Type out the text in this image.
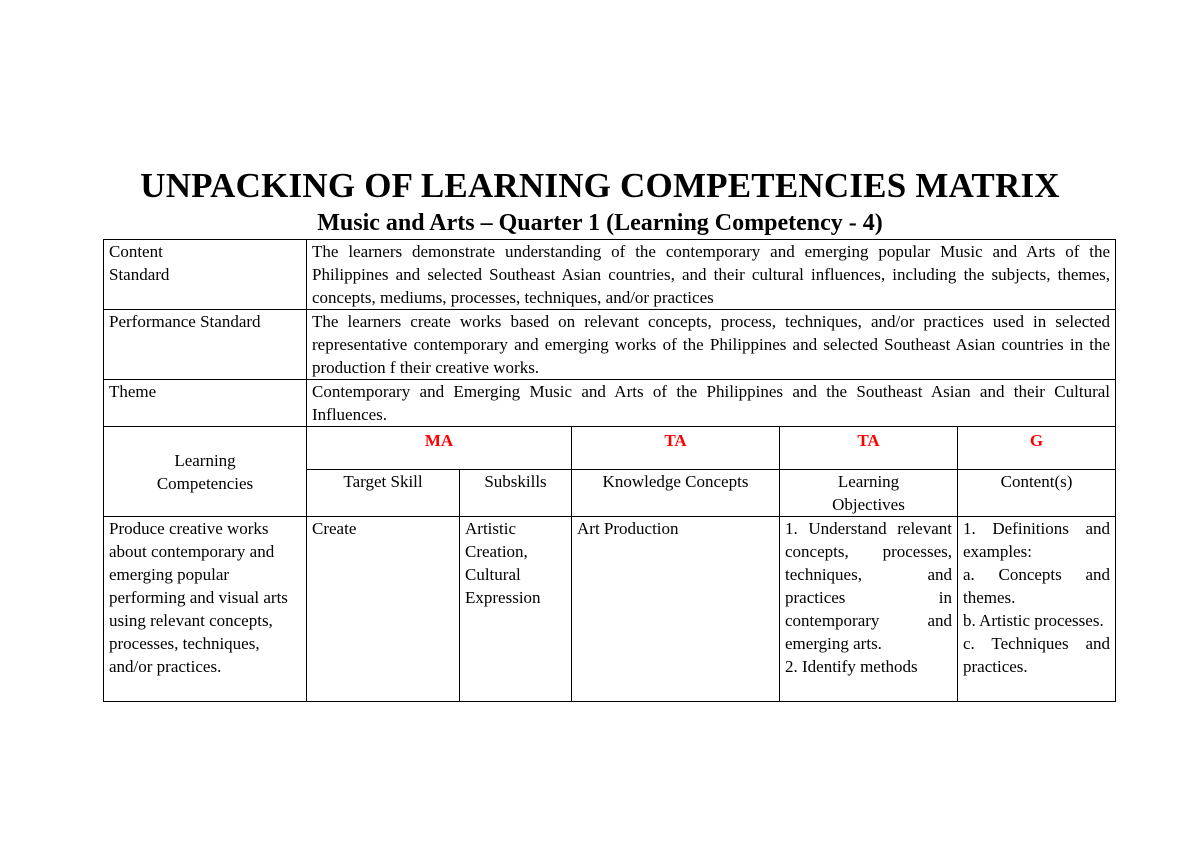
UNPACKING OF LEARNING COMPETENCIES MATRIX
Music and Arts – Quarter 1 (Learning Competency - 4)
Content
Standard	The learners demonstrate understanding of the contemporary and emerging popular Music and Arts of the Philippines and selected Southeast Asian countries, and their cultural influences, including the subjects, themes, concepts, mediums, processes, techniques, and/or practices				
Performance Standard	The learners create works based on relevant concepts, process, techniques, and/or practices used in selected representative contemporary and emerging works of the Philippines and selected Southeast Asian countries in the production f their creative works.				
Theme	Contemporary and Emerging Music and Arts of the Philippines and the Southeast Asian and their Cultural Influences.				
Learning
Competencies	MA		TA	TA	G
	Target Skill	Subskills	Knowledge Concepts	Learning
Objectives	Content(s)
Produce creative works about contemporary and emerging popular performing and visual arts using relevant concepts, processes, techniques, and/or practices.	Create	Artistic
Creation,
Cultural
Expression	Art Production	1. Understand relevant concepts, processes, techniques, and practices in contemporary and emerging arts.
2. Identify methods	1. Definitions and examples:
a. Concepts and themes.
b. Artistic processes.
c. Techniques and practices.
